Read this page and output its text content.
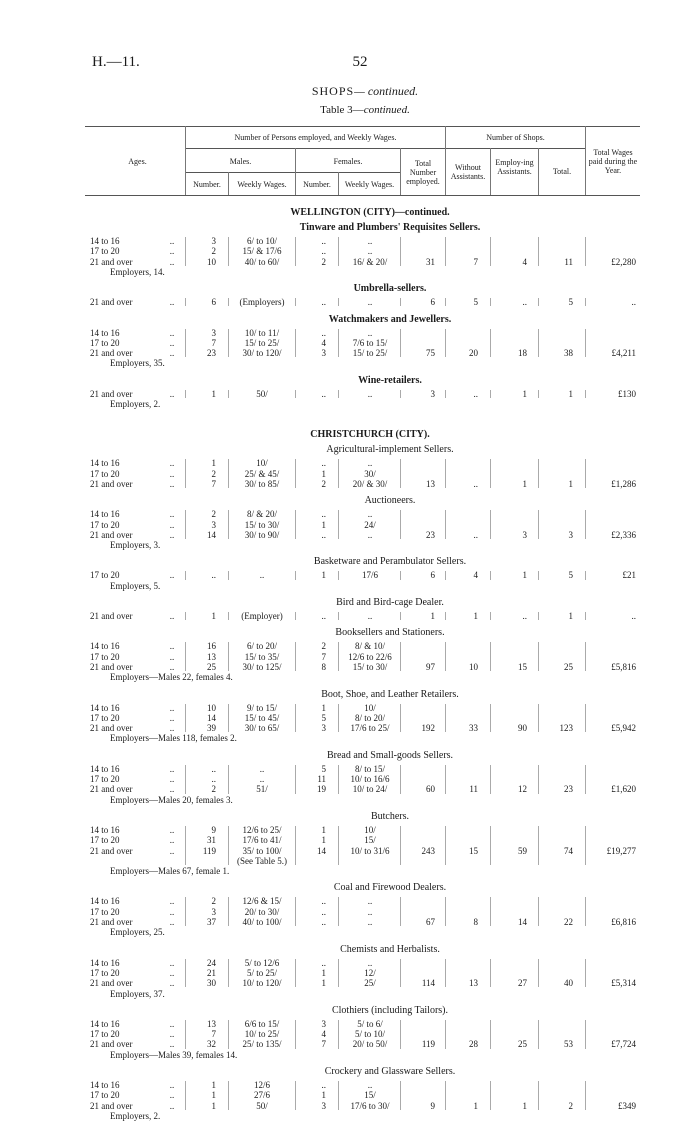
H.—11.	52
SHOPS— continued.
Table 3—continued.
Ages.
Number of Persons employed, and Weekly Wages.
Males.	Females.
Number.	Weekly Wages.	Number.	Weekly Wages.
Total Number employed.
Number of Shops.
Without Assistants.
Employ-ing Assistants.	Total.
Total Wages paid during the Year.
WELLINGTON (CITY)—continued.
Tinware and Plumbers' Requisites Sellers.
14 to 16	..	3	6/ to 10/	..	..
17 to 20	..	2	15/ & 17/6	..	..
21 and over	..	10	40/ to 60/	2	16/ & 20/	31	7	4	11	£2,280
Employers, 14.
Umbrella-sellers.
21 and over	..	6	(Employers)	..	..	6	5	..	5	..
Watchmakers and Jewellers.
14 to 16	..	3	10/ to 11/	..	..
17 to 20	..	7	15/ to 25/	4	7/6 to 15/
21 and over	..	23	30/ to 120/	3	15/ to 25/	75	20	18	38	£4,211
Employers, 35.
Wine-retailers.
21 and over	..	1	50/	..	..	3	..	1	1	£130
Employers, 2.
CHRISTCHURCH (CITY).
Agricultural-implement Sellers.
14 to 16	..	1	10/	..	..
17 to 20	..	2	25/ & 45/	1	30/
21 and over	..	7	30/ to 85/	2	20/ & 30/	13	..	1	1	£1,286
Auctioneers.
14 to 16	..	2	8/ & 20/	..	..
17 to 20	..	3	15/ to 30/	1	24/
21 and over	..	14	30/ to 90/	..	..	23	..	3	3	£2,336
Employers, 3.
Basketware and Perambulator Sellers.
17 to 20	..	..	..	1	17/6	6	4	1	5	£21
Employers, 5.
Bird and Bird-cage Dealer.
21 and over	..	1	(Employer)	..	..	1	1	..	1	..
Booksellers and Stationers.
14 to 16	..	16	6/ to 20/	2	8/ & 10/
17 to 20	..	13	15/ to 35/	7	12/6 to 22/6
21 and over	..	25	30/ to 125/	8	15/ to 30/	97	10	15	25	£5,816
Employers—Males 22, females 4.
Boot, Shoe, and Leather Retailers.
14 to 16	..	10	9/ to 15/	1	10/
17 to 20	..	14	15/ to 45/	5	8/ to 20/
21 and over	..	39	30/ to 65/	3	17/6 to 25/	192	33	90	123	£5,942
Employers—Males 118, females 2.
Bread and Small-goods Sellers.
14 to 16	..	..	..	5	8/ to 15/
17 to 20	..	..	..	11	10/ to 16/6
21 and over	..	2	51/	19	10/ to 24/	60	11	12	23	£1,620
Employers—Males 20, females 3.
Butchers.
14 to 16	..	9	12/6 to 25/	1	10/
17 to 20	..	31	17/6 to 41/	1	15/
21 and over	..	119	35/ to 100/	14	10/ to 31/6	243	15	59	74	£19,277
(See Table 5.)
Employers—Males 67, female 1.
Coal and Firewood Dealers.
14 to 16	..	2	12/6 & 15/	..	..
17 to 20	..	3	20/ to 30/	..	..
21 and over	..	37	40/ to 100/	..	..	67	8	14	22	£6,816
Employers, 25.
Chemists and Herbalists.
14 to 16	..	24	5/ to 12/6	..	..
17 to 20	..	21	5/ to 25/	1	12/
21 and over	..	30	10/ to 120/	1	25/	114	13	27	40	£5,314
Employers, 37.
Clothiers (including Tailors).
14 to 16	..	13	6/6 to 15/	3	5/ to 6/
17 to 20	..	7	10/ to 25/	4	5/ to 10/
21 and over	..	32	25/ to 135/	7	20/ to 50/	119	28	25	53	£7,724
Employers—Males 39, females 14.
Crockery and Glassware Sellers.
14 to 16	..	1	12/6	..	..
17 to 20	..	1	27/6	1	15/
21 and over	..	1	50/	3	17/6 to 30/	9	1	1	2	£349
Employers, 2.
